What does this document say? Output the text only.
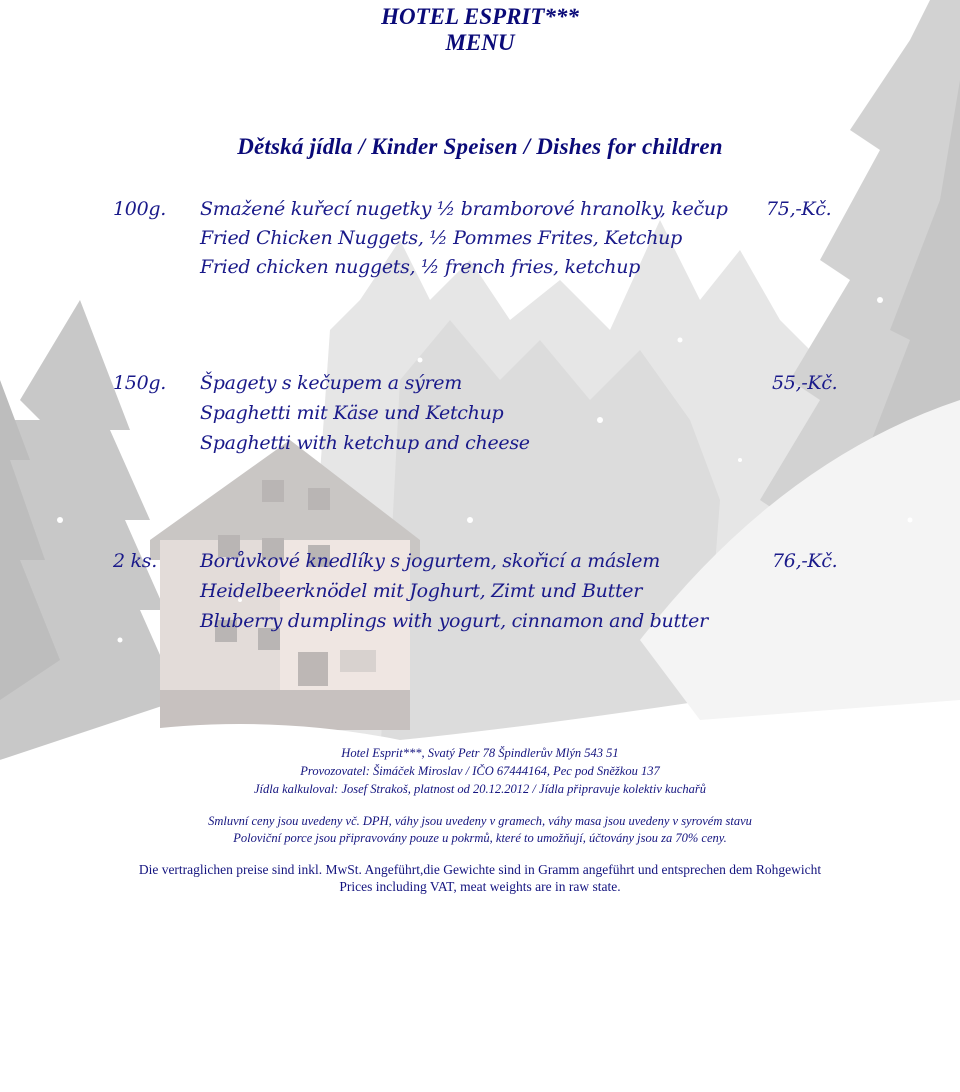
HOTEL ESPRIT***
MENU
Dětská jídla / Kinder Speisen / Dishes for children
100g. Smažené kuřecí nugetky ½ bramborové hranolky, kečup 75,-Kč.
Fried Chicken Nuggets, ½ Pommes Frites, Ketchup
Fried chicken nuggets, ½ french fries, ketchup
150g. Špagety s kečupem a sýrem	55,-Kč.
Spaghetti mit Käse und Ketchup
Spaghetti with ketchup and cheese
2 ks. Borůvkové knedlíky s jogurtem, skořicí a máslem	76,-Kč.
Heidelbeerknödel mit Joghurt, Zimt und Butter
Bluberry dumplings with yogurt, cinnamon and butter
Hotel Esprit***, Svatý Petr 78 Špindlerův Mlýn 543 51
Provozovatel: Šimáček Miroslav / IČO 67444164, Pec pod Sněžkou 137
Jídla kalkuloval: Josef Strakoš, platnost od 20.12.2012 / Jídla připravuje kolektiv kuchařů
Smluvní ceny jsou uvedeny vč. DPH, váhy jsou uvedeny v gramech, váhy masa jsou uvedeny v syrovém stavu
Poloviční porce jsou připravovány pouze u pokrmů, které to umožňují, účtovány jsou za 70% ceny.
Die vertraglichen preise sind inkl. MwSt. Angeführt,die Gewichte sind in Gramm angeführt und entsprechen dem Rohgewicht
Prices including VAT, meat weights are in raw state.
